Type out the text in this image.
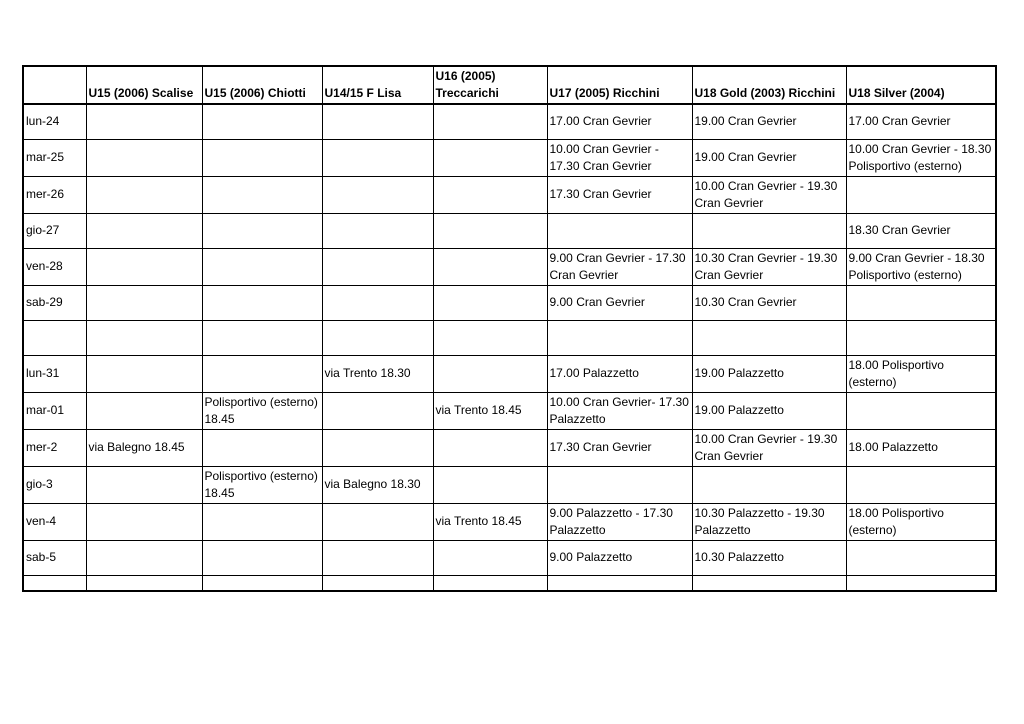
	U15 (2006) Scalise	U15 (2006) Chiotti	U14/15 F Lisa	U16 (2005) Treccarichi	U17 (2005) Ricchini	U18 Gold (2003) Ricchini	U18 Silver (2004)
lun-24					17.00 Cran Gevrier	19.00 Cran Gevrier	17.00 Cran Gevrier
mar-25					10.00 Cran Gevrier - 17.30 Cran Gevrier	19.00 Cran Gevrier	10.00 Cran Gevrier - 18.30 Polisportivo (esterno)
mer-26					17.30 Cran Gevrier	10.00 Cran Gevrier - 19.30 Cran Gevrier	
gio-27							18.30 Cran Gevrier
ven-28					9.00 Cran Gevrier - 17.30 Cran Gevrier	10.30 Cran Gevrier - 19.30 Cran Gevrier	9.00 Cran Gevrier - 18.30 Polisportivo (esterno)
sab-29					9.00 Cran Gevrier	10.30 Cran Gevrier	

lun-31			via Trento 18.30		17.00 Palazzetto	19.00 Palazzetto	18.00 Polisportivo (esterno)
mar-01		Polisportivo (esterno) 18.45		via Trento 18.45	10.00 Cran Gevrier- 17.30 Palazzetto	19.00 Palazzetto	
mer-2	via Balegno 18.45				17.30 Cran Gevrier	10.00 Cran Gevrier - 19.30 Cran Gevrier	18.00 Palazzetto
gio-3		Polisportivo (esterno) 18.45	via Balegno 18.30				
ven-4				via Trento 18.45	9.00 Palazzetto - 17.30 Palazzetto	10.30 Palazzetto - 19.30 Palazzetto	18.00 Polisportivo (esterno)
sab-5					9.00 Palazzetto	10.30 Palazzetto	
